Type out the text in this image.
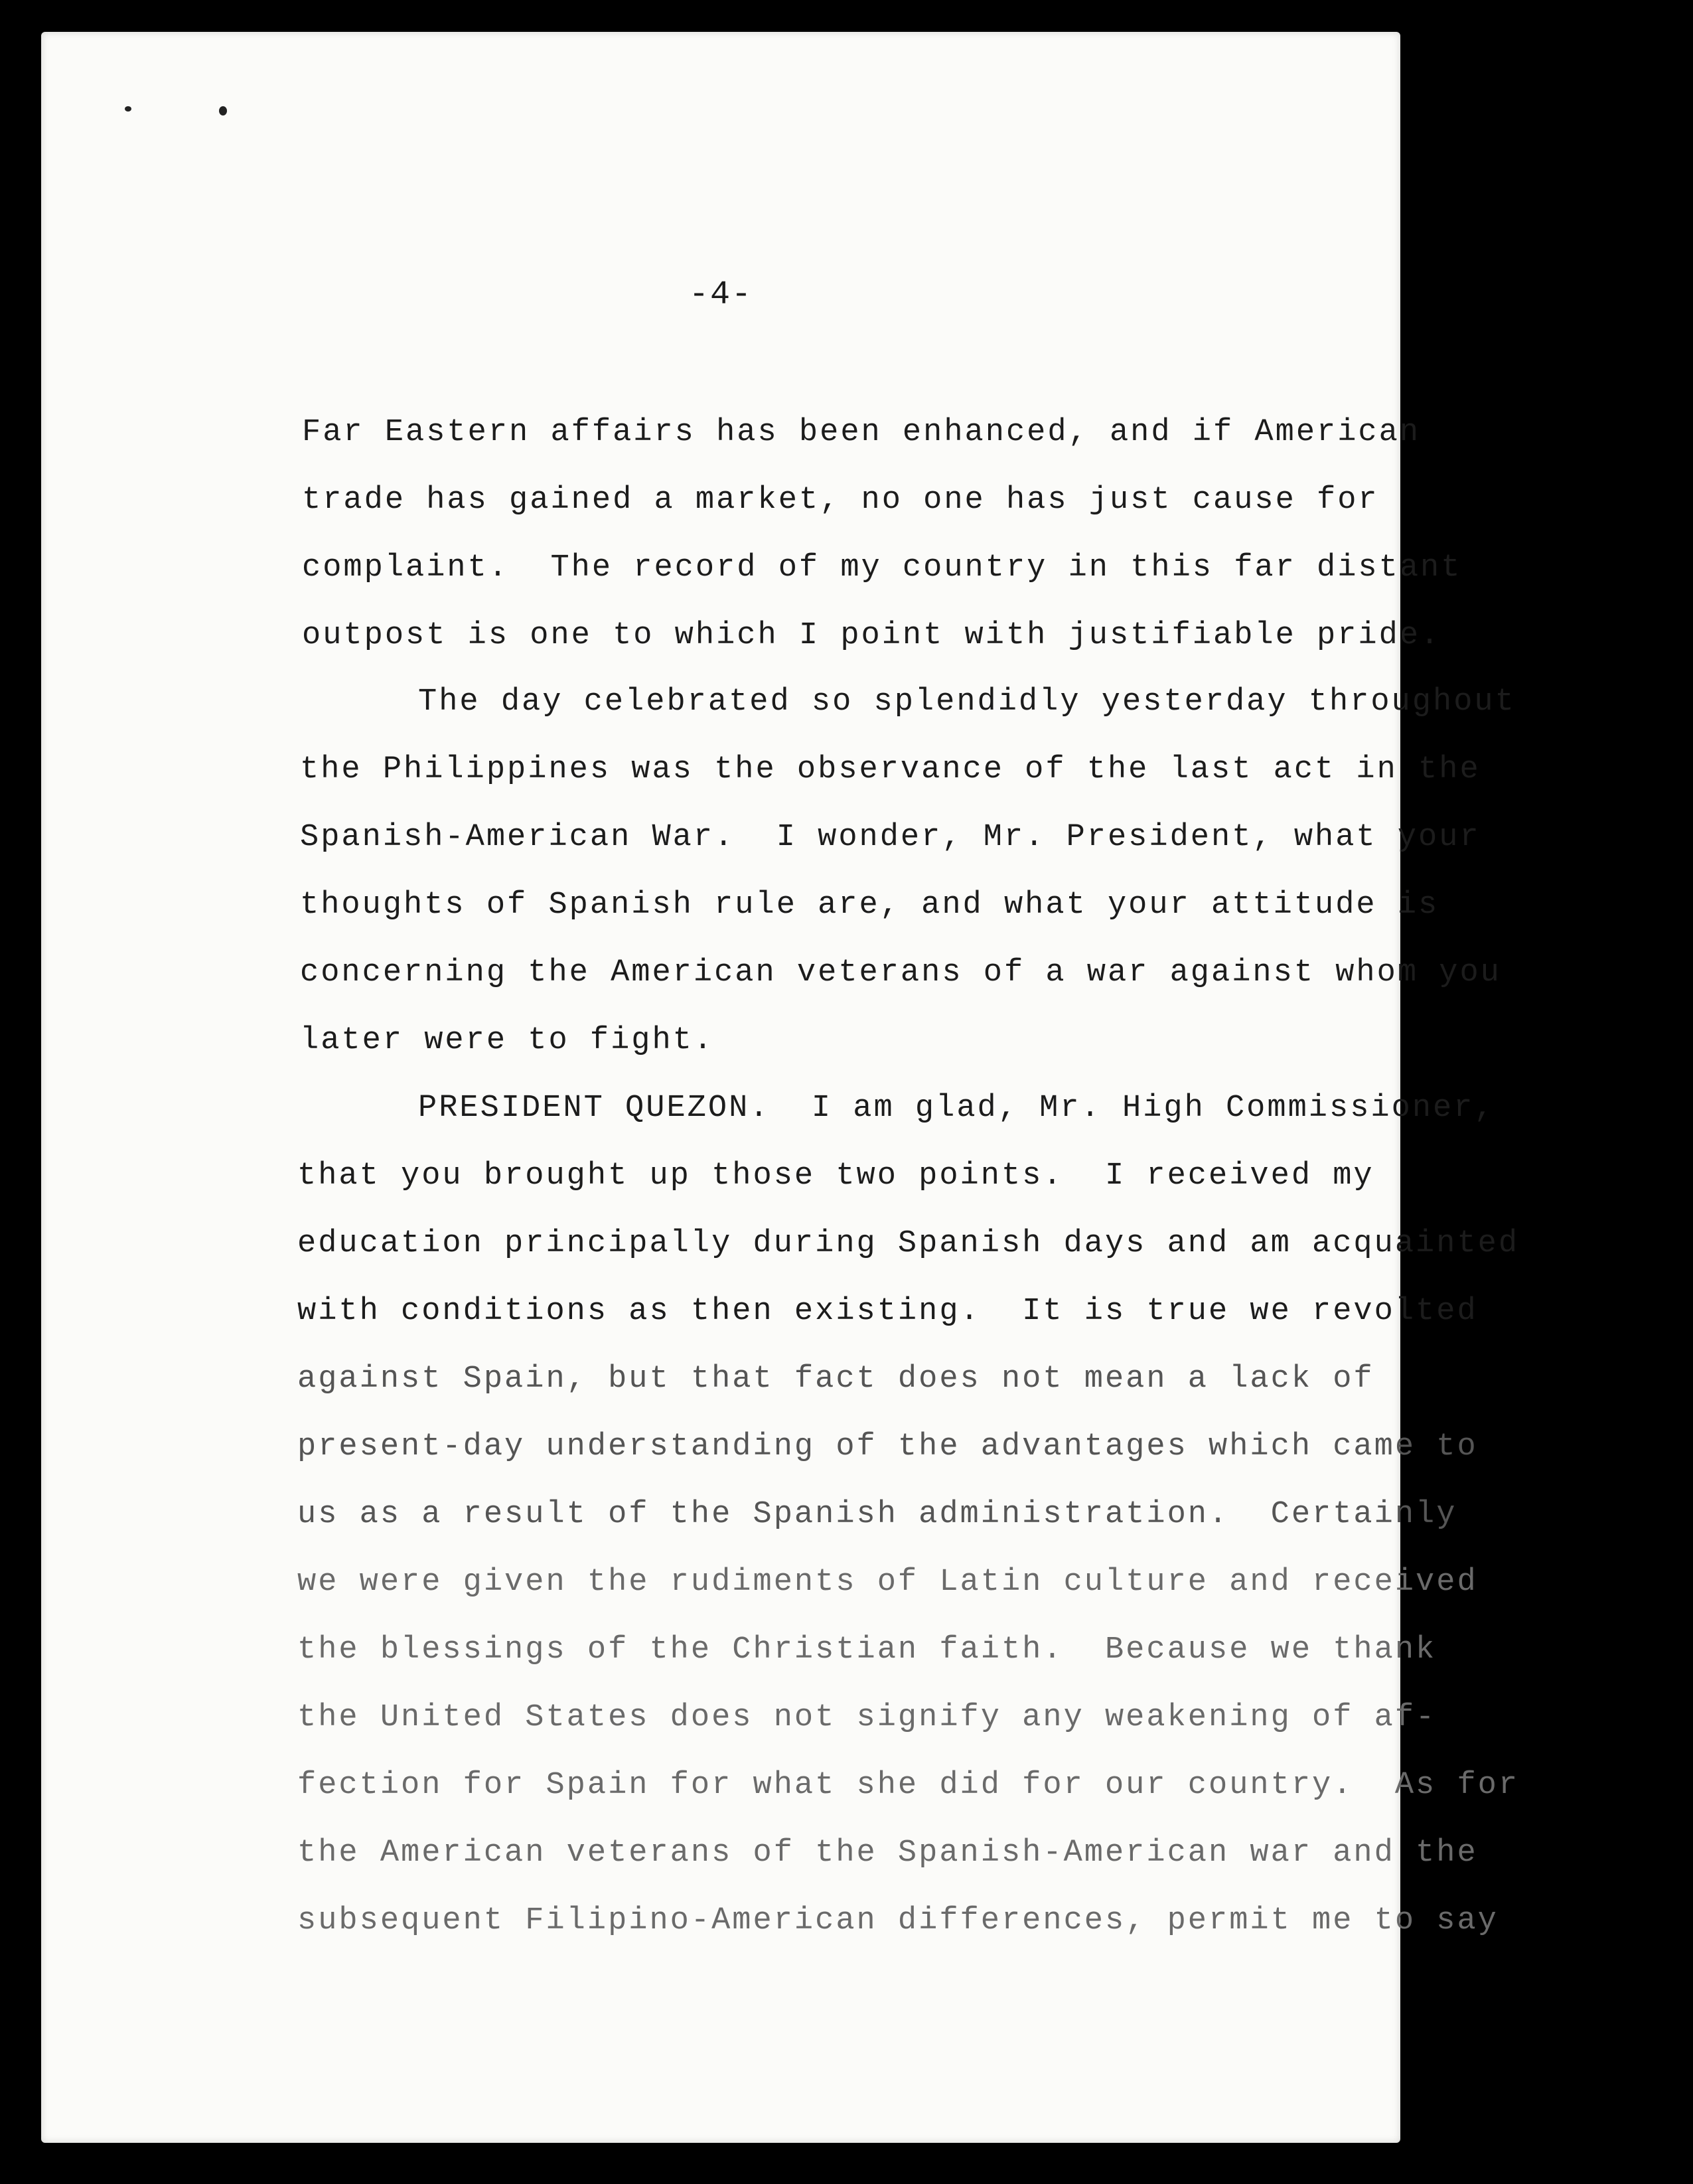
-4-
Far Eastern affairs has been enhanced, and if American
trade has gained a market, no one has just cause for
complaint.  The record of my country in this far distant
outpost is one to which I point with justifiable pride.
The day celebrated so splendidly yesterday throughout
the Philippines was the observance of the last act in the
Spanish-American War.  I wonder, Mr. President, what your
thoughts of Spanish rule are, and what your attitude is
concerning the American veterans of a war against whom you
later were to fight.
PRESIDENT QUEZON.  I am glad, Mr. High Commissioner,
that you brought up those two points.  I received my
education principally during Spanish days and am acquainted
with conditions as then existing.  It is true we revolted
against Spain, but that fact does not mean a lack of
present-day understanding of the advantages which came to
us as a result of the Spanish administration.  Certainly
we were given the rudiments of Latin culture and received
the blessings of the Christian faith.  Because we thank
the United States does not signify any weakening of af-
fection for Spain for what she did for our country.  As for
the American veterans of the Spanish-American war and the
subsequent Filipino-American differences, permit me to say
